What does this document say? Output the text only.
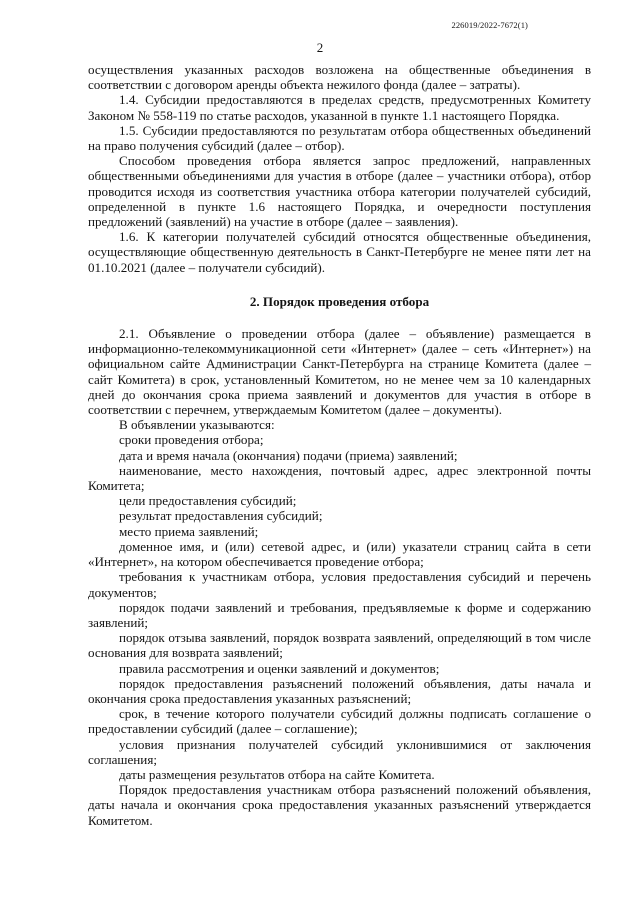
226019/2022-7672(1)
2

осуществления указанных расходов возложена на общественные объединения в соответствии с договором аренды объекта нежилого фонда (далее – затраты).

1.4. Субсидии предоставляются в пределах средств, предусмотренных Комитету Законом № 558-119 по статье расходов, указанной в пункте 1.1 настоящего Порядка.

1.5. Субсидии предоставляются по результатам отбора общественных объединений на право получения субсидий (далее – отбор).

Способом проведения отбора является запрос предложений, направленных общественными объединениями для участия в отборе (далее – участники отбора), отбор проводится исходя из соответствия участника отбора категории получателей субсидий, определенной в пункте 1.6 настоящего Порядка, и очередности поступления предложений (заявлений) на участие в отборе (далее – заявления).

1.6. К категории получателей субсидий относятся общественные объединения, осуществляющие общественную деятельность в Санкт-Петербурге не менее пяти лет на 01.10.2021 (далее – получатели субсидий).

2. Порядок проведения отбора

2.1. Объявление о проведении отбора (далее – объявление) размещается в информационно-телекоммуникационной сети «Интернет» (далее – сеть «Интернет») на официальном сайте Администрации Санкт-Петербурга на странице Комитета (далее – сайт Комитета) в срок, установленный Комитетом, но не менее чем за 10 календарных дней до окончания срока приема заявлений и документов для участия в отборе в соответствии с перечнем, утверждаемым Комитетом (далее – документы).

В объявлении указываются:

сроки проведения отбора;

дата и время начала (окончания) подачи (приема) заявлений;

наименование, место нахождения, почтовый адрес, адрес электронной почты Комитета;

цели предоставления субсидий;

результат предоставления субсидий;

место приема заявлений;

доменное имя, и (или) сетевой адрес, и (или) указатели страниц сайта в сети «Интернет», на котором обеспечивается проведение отбора;

требования к участникам отбора, условия предоставления субсидий и перечень документов;

порядок подачи заявлений и требования, предъявляемые к форме и содержанию заявлений;

порядок отзыва заявлений, порядок возврата заявлений, определяющий в том числе основания для возврата заявлений;

правила рассмотрения и оценки заявлений и документов;

порядок предоставления разъяснений положений объявления, даты начала и окончания срока предоставления указанных разъяснений;

срок, в течение которого получатели субсидий должны подписать соглашение о предоставлении субсидий (далее – соглашение);

условия признания получателей субсидий уклонившимися от заключения соглашения;

даты размещения результатов отбора на сайте Комитета.

Порядок предоставления участникам отбора разъяснений положений объявления, даты начала и окончания срока предоставления указанных разъяснений утверждается Комитетом.
